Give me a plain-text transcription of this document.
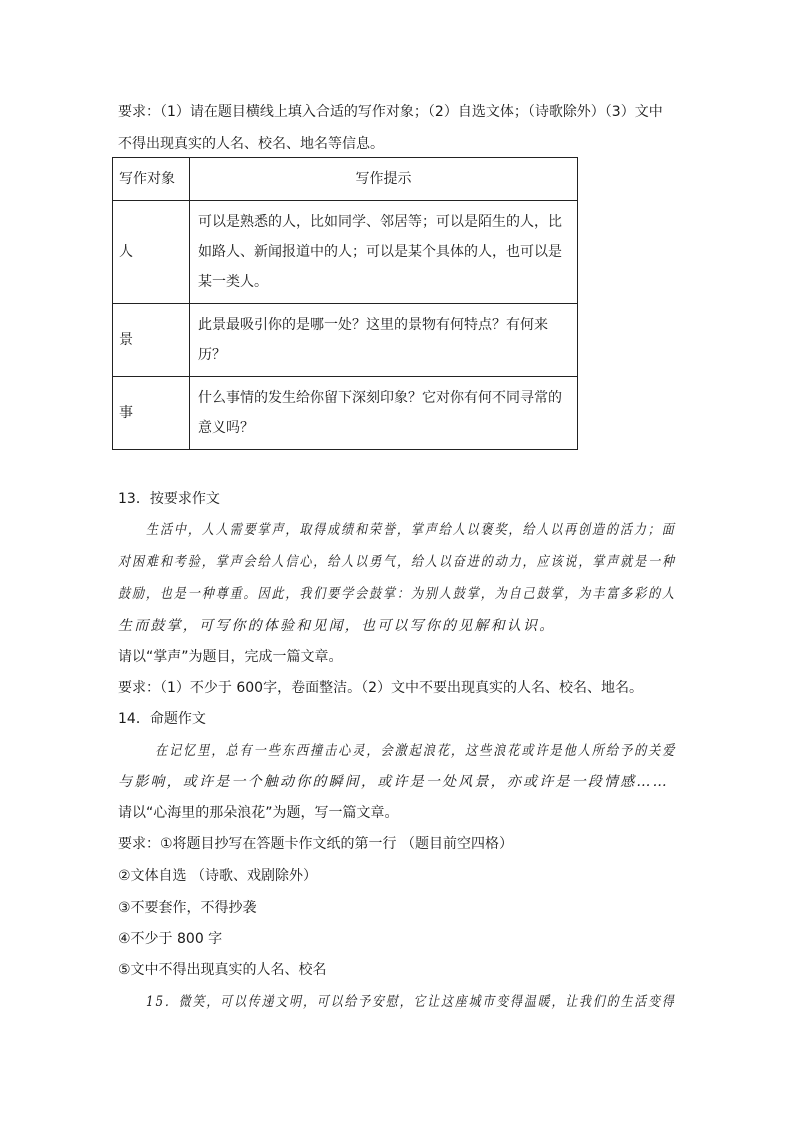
要求：（1）请在题目横线上填入合适的写作对象；（2）自选文体；（诗歌除外）（3）文中
不得出现真实的人名、校名、地名等信息。
写作对象	写作提示
人	可以是熟悉的人，比如同学、邻居等；可以是陌生的人，比如路人、新闻报道中的人；可以是某个具体的人，也可以是某一类人。
景	此景最吸引你的是哪一处？这里的景物有何特点？有何来历？
事	什么事情的发生给你留下深刻印象？它对你有何不同寻常的意义吗？
13．按要求作文
生活中，人人需要掌声，取得成绩和荣誉，掌声给人以褒奖，给人以再创造的活力；面
对困难和考验，掌声会给人信心，给人以勇气，给人以奋进的动力，应该说，掌声就是一种
鼓励，也是一种尊重。因此，我们要学会鼓掌：为别人鼓掌，为自己鼓掌，为丰富多彩的人
生而鼓掌，可写你的体验和见闻，也可以写你的见解和认识。
请以“掌声”为题目，完成一篇文章。
要求：（1）不少于 600字，卷面整洁。（2）文中不要出现真实的人名、校名、地名。
14．命题作文
在记忆里，总有一些东西撞击心灵，会激起浪花，这些浪花或许是他人所给予的关爱
与影响，或许是一个触动你的瞬间，或许是一处风景，亦或许是一段情感……
请以“心海里的那朵浪花”为题，写一篇文章。
要求：①将题目抄写在答题卡作文纸的第一行 （题目前空四格）
②文体自选 （诗歌、戏剧除外）
③不要套作，不得抄袭
④不少于 800 字
⑤文中不得出现真实的人名、校名
15．微笑，可以传递文明，可以给予安慰，它让这座城市变得温暖，让我们的生活变得
